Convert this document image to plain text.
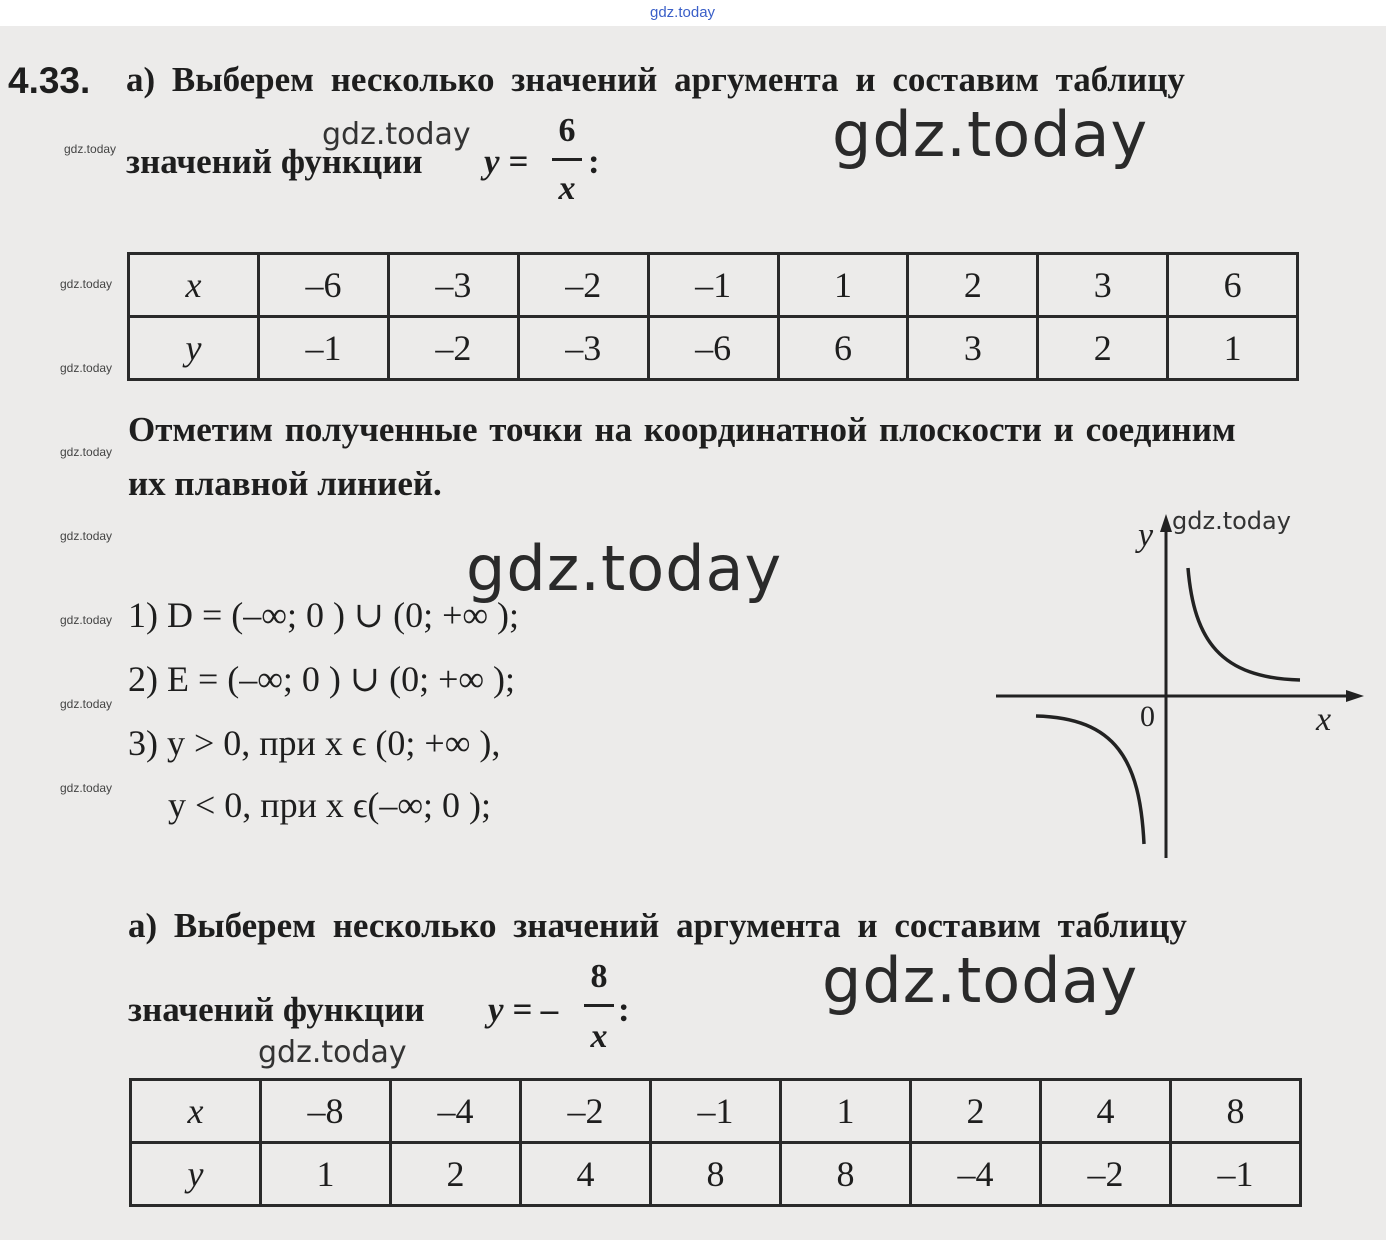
gdz.today
gdz.today
gdz.today
gdz.today
gdz.today
gdz.today
gdz.today
gdz.today
gdz.today
gdz.today
gdz.today
gdz.today
gdz.today
gdz.today
gdz.today
4.33. а) Выберем несколько значений аргумента и составим таблицу
значений функции y =
6
x
:
x	–6	–3	–2	–1	1	2	3	6
y	–1	–2	–3	–6	6	3	2	1
Отметим полученные точки на координатной плоскости и соединим
их плавной линией.
1) D = (–∞; 0 ) ∪ (0; +∞ );
2) E = (–∞; 0 ) ∪ (0; +∞ );
3) y > 0, при x ϵ (0; +∞ ),
y < 0, при x ϵ(–∞; 0 );
y
x
0
а) Выберем несколько значений аргумента и составим таблицу
значений функции y = –
8
x
:
x	–8	–4	–2	–1	1	2	4	8
y	1	2	4	8	8	–4	–2	–1
